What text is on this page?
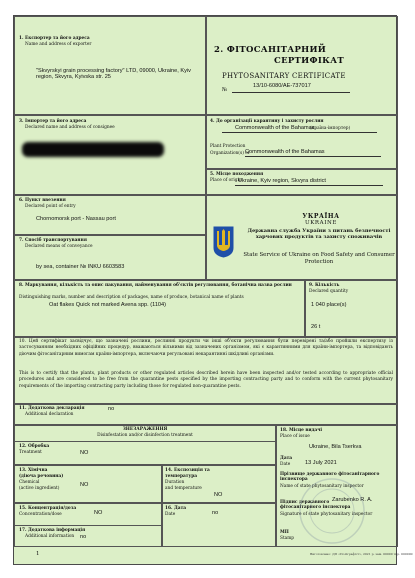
1. Експортер та його адреса
Name and address of exporter
"Skvyrskyi grain processing factory" LTD, 09000, Ukraine, Kyiv region, Skvyra, Kyivska str. 25
2. ФІТОСАНІТАРНИЙ
СЕРТИФІКАТ
PHYTOSANITARY CERTIFICATE
№
13/10-6080/АЕ-737017
3. Імпортер та його адреса
Declared name and address of consignee
4. До організації карантину і захисту рослин
Commonwealth of the Bahamas
(країна-імпортер)
Plant Protection
Organization(s) of
Commonwealth of the Bahamas
5. Місце походження
Place of origin
Ukraine, Kyiv region, Skvyra district
6. Пункт ввезення
Declared point of entry
Chornomorsk port - Nassau port
7. Спосіб транспортування
Declared means of conveyance
by sea, container № INKU 6603583
УКРАЇНА
UKRAINE
Державна служба України з питань безпечності харчових продуктів та захисту споживачів
State Service of Ukraine on Food Safety and Consumer Protection
8. Маркування, кількість та опис пакування, найменування об'єктів регулювання, ботанічна назва рослин
Distinguishing marks, number and description of packages, name of produce, botanical name of plants
Oat flakes Quick not marked Avena spp. (1104)
9. Кількість
Declared quantity
1 040 place(s)
26 t
10. Цей сертифікат засвідчує, що зазначені рослини, рослинні продукти чи інші об'єкти регулювання були перевірені та/або пройшли експертизу із застосуванням необхідних офіційних процедур, вважаються вільними від зазначених організмом, які є карантинними для країни-імпортера, та відповідають діючим фітосанітарним вимогам країни-імпортера, включаючи регульовані некарантинні шкідливі організми.
This is to certify that the plants, plant products or other regulated articles described herein have been inspected and/or tested according to appropriate official procedures and are considered to be free from the quarantine pests specified by the importing contracting party and to conform with the current phytosanitary requirements of the importing contracting party including those for regulated non-quarantine pests.
11. Додаткова декларація
Additional declaration
no
ЗНЕЗАРАЖЕННЯ
Disinfestation and/or disinfection treatment
12. Обробка
Treatment	NO
13. Хімічна
(діюча речовина)
Chemical
(active ingredient)
NO
14. Експозиція та
температура
Duration
and temperature
NO
15. Концентрація/доза
Concentration/dose	NO
16. Дата
Date	no
17. Додаткова інформація
Additional information no
18. Місце видачі
Place of issue
Ukraine, Bila Tserkva
Дата
Date	13 July 2021
Прізвище державного фітосанітарного інспектора
Name of state phytosanitary inspector
Підпис державного фітосанітарного інспектора
Zarubenko R. A.
Signature of state phytosanitary inspector
МП
Stamp
1	Виготовлено: ДП «Поліграфіст», 2021 р. зам. 00000 тир. 000000
